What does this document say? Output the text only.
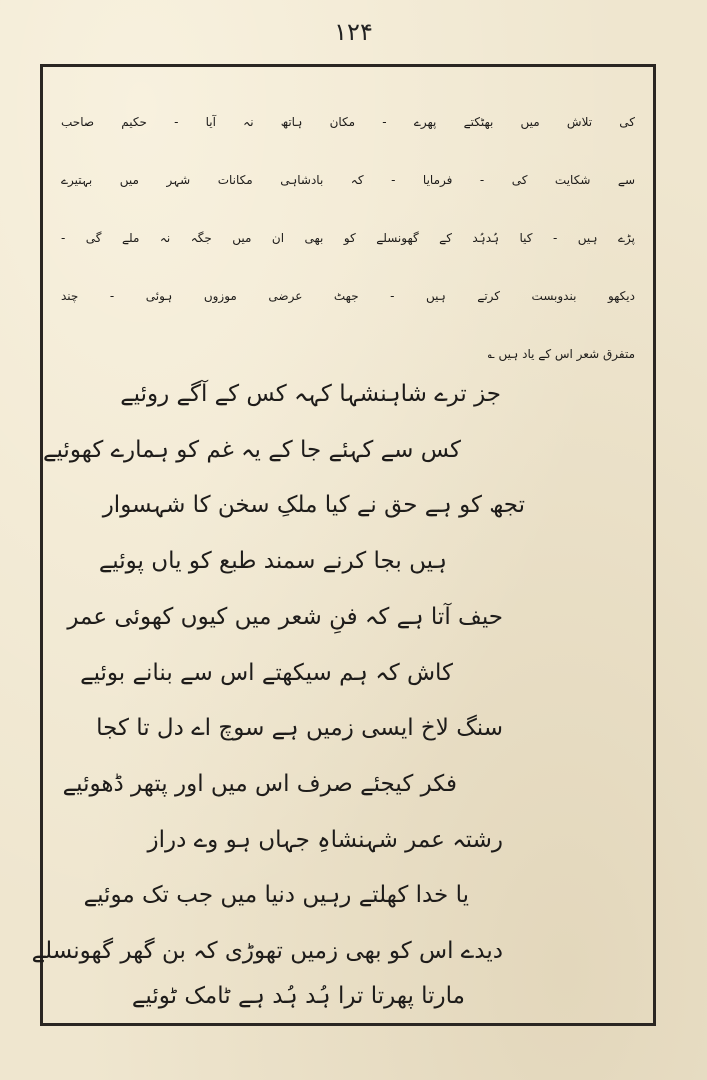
۱۲۴
کی تلاش میں بھٹکتے پھرے - مکان ہاتھ نہ آیا - حکیم صاحب
سے شکایت کی - فرمایا - کہ بادشاہی مکانات شہر میں بہتیرے
پڑے ہیں - کیا ہُدہُد کے گھونسلے کو بھی ان میں جگہ نہ ملے گی -
دیکھو بندوبست کرتے ہیں - جھٹ عرضی موزوں ہوئی - چند
متفرق شعر اس کے یاد ہیں ؎
جز ترے شاہنشہا کہہ کس کے آگے روئیے
کس سے کہئے جا کے یہ غم کو ہمارے کھوئیے
تجھ کو ہے حق نے کیا ملکِ سخن کا شہسوار
ہیں بجا کرنے سمند طبع کو یاں پوئیے
حیف آتا ہے کہ فنِ شعر میں کیوں کھوئی عمر
کاش کہ ہم سیکھتے اس سے بنانے بوئیے
سنگ لاخ ایسی زمیں ہے سوچ اے دل تا کجا
فکر کیجئے صرف اس میں اور پتھر ڈھوئیے
رشتہ عمر شہنشاہِ جہاں ہو وے دراز
یا خدا کھلتے رہیں دنیا میں جب تک موئیے
دیدے اس کو بھی زمیں تھوڑی کہ بن گھر گھونسلے
مارتا پھرتا ترا ہُد ہُد ہے ٹامک ٹوئیے
